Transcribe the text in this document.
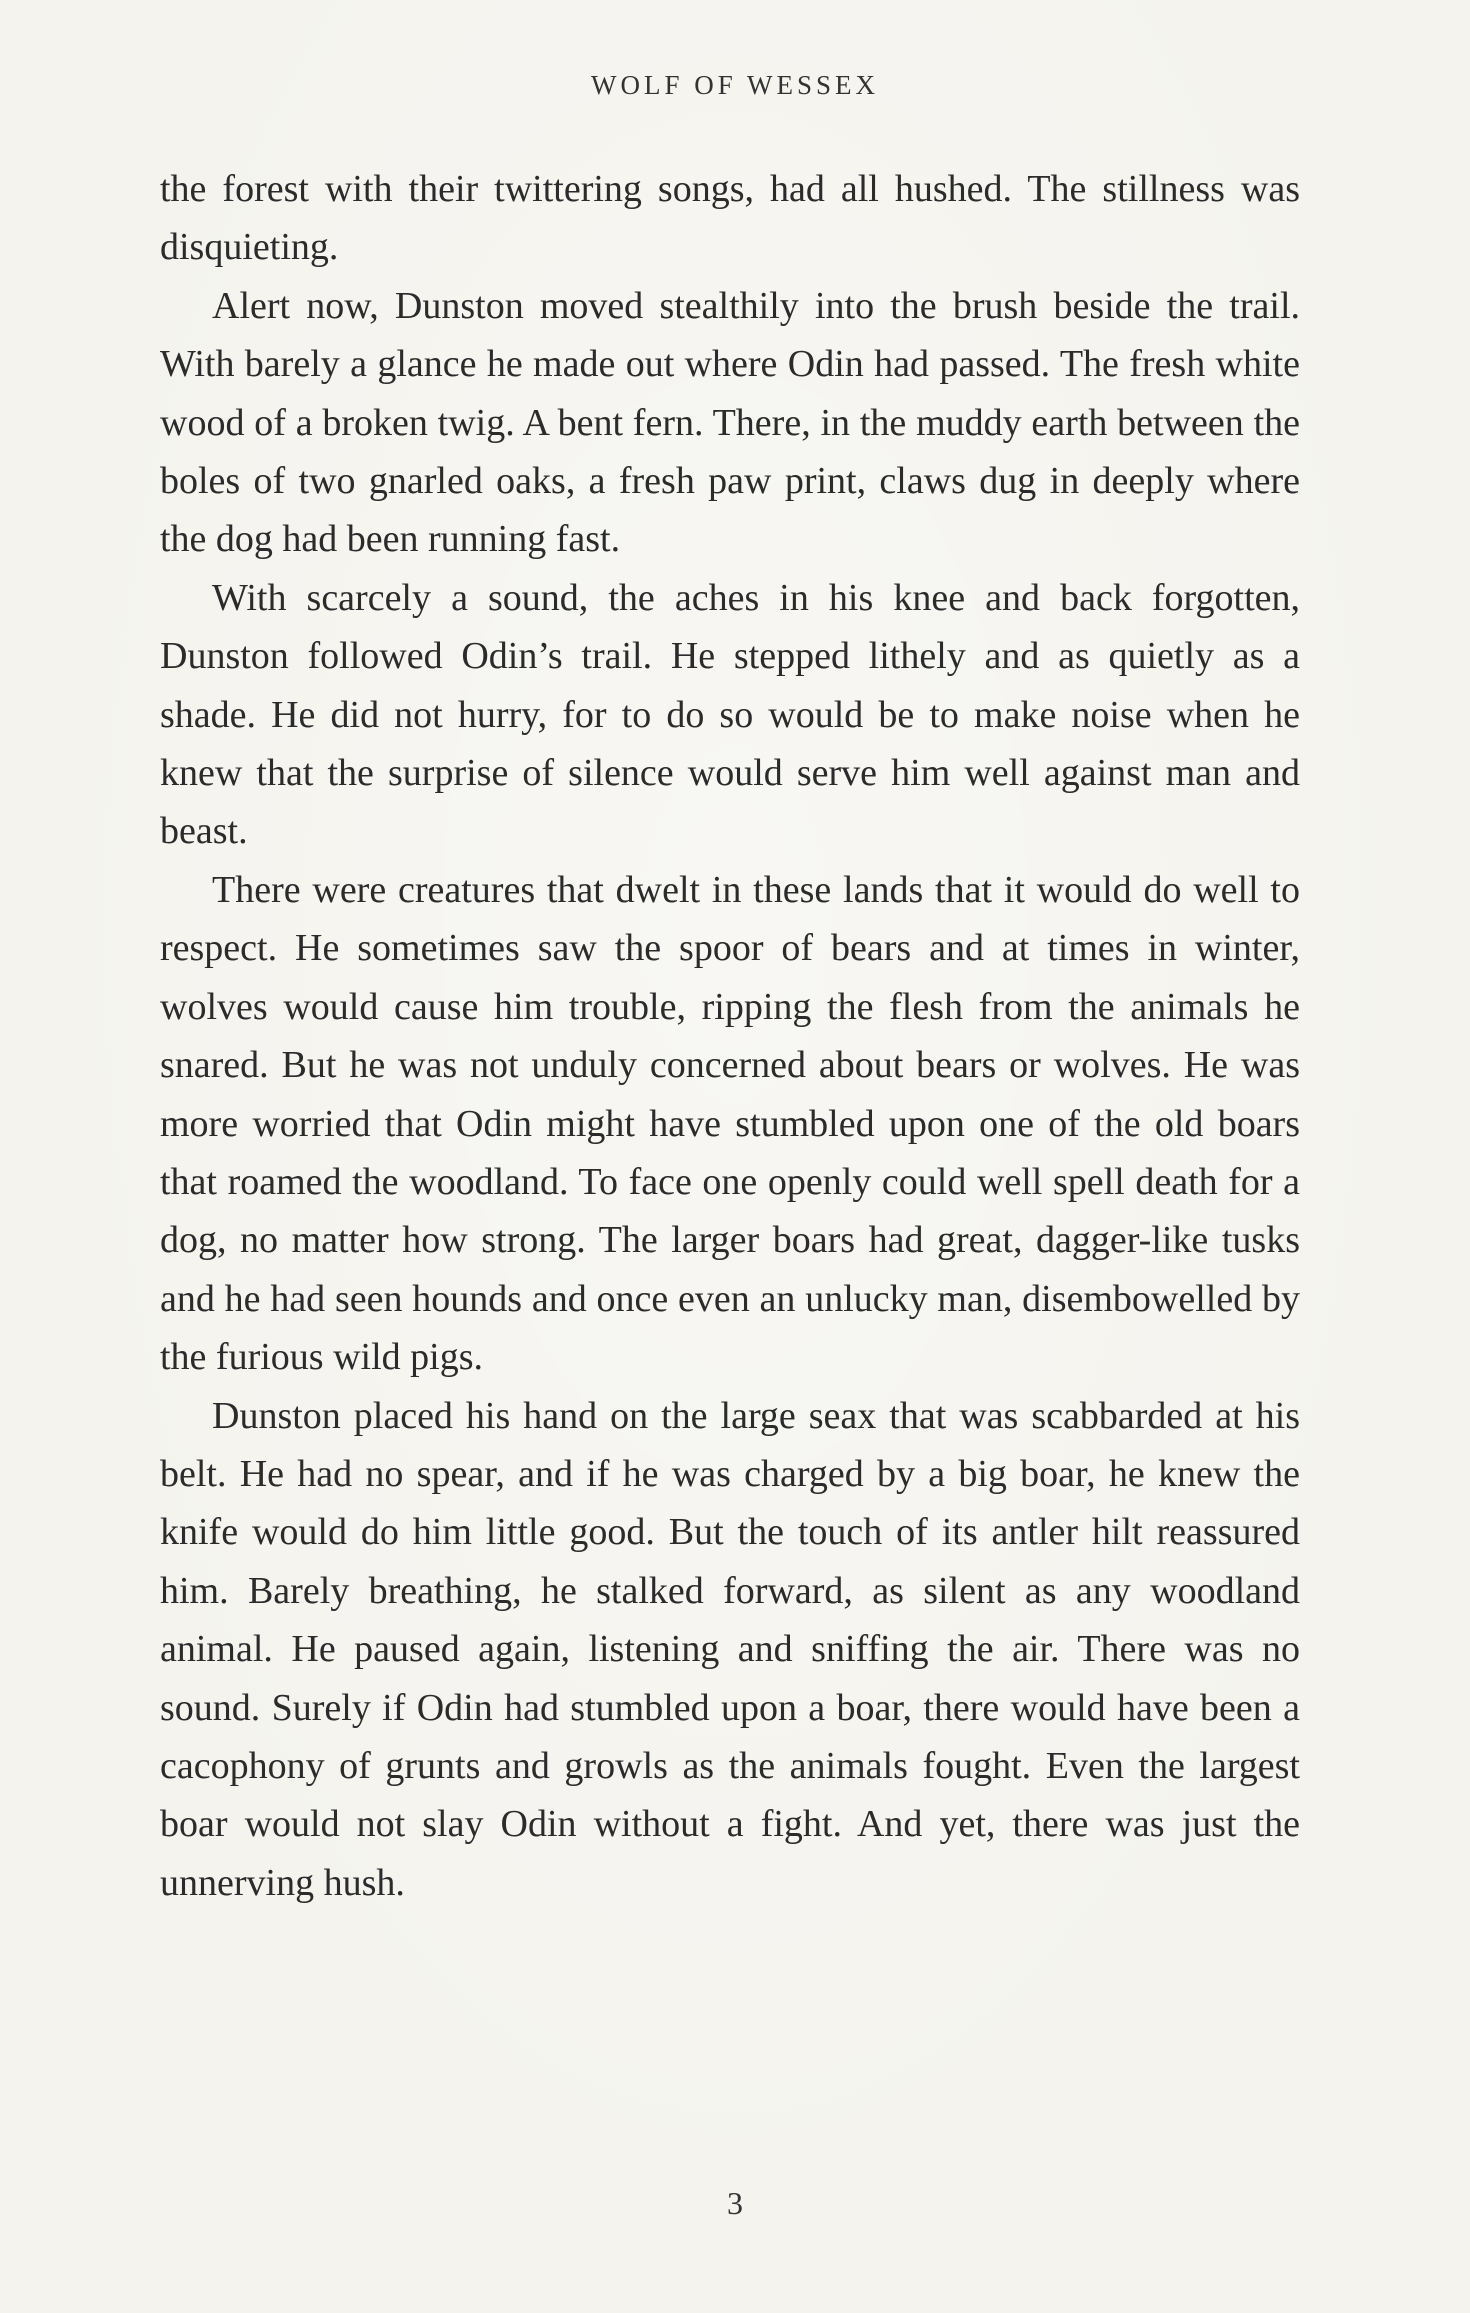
WOLF OF WESSEX

the forest with their twittering songs, had all hushed. The stillness was disquieting.

Alert now, Dunston moved stealthily into the brush beside the trail. With barely a glance he made out where Odin had passed. The fresh white wood of a broken twig. A bent fern. There, in the muddy earth between the boles of two gnarled oaks, a fresh paw print, claws dug in deeply where the dog had been running fast.

With scarcely a sound, the aches in his knee and back forgotten, Dunston followed Odin’s trail. He stepped lithely and as quietly as a shade. He did not hurry, for to do so would be to make noise when he knew that the surprise of silence would serve him well against man and beast.

There were creatures that dwelt in these lands that it would do well to respect. He sometimes saw the spoor of bears and at times in winter, wolves would cause him trouble, ripping the flesh from the animals he snared. But he was not unduly concerned about bears or wolves. He was more worried that Odin might have stumbled upon one of the old boars that roamed the woodland. To face one openly could well spell death for a dog, no matter how strong. The larger boars had great, dagger-like tusks and he had seen hounds and once even an unlucky man, disembowelled by the furious wild pigs.

Dunston placed his hand on the large seax that was scabbarded at his belt. He had no spear, and if he was charged by a big boar, he knew the knife would do him little good. But the touch of its antler hilt reassured him. Barely breathing, he stalked forward, as silent as any woodland animal. He paused again, listening and sniffing the air. There was no sound. Surely if Odin had stumbled upon a boar, there would have been a cacophony of grunts and growls as the animals fought. Even the largest boar would not slay Odin without a fight. And yet, there was just the unnerving hush.

3
